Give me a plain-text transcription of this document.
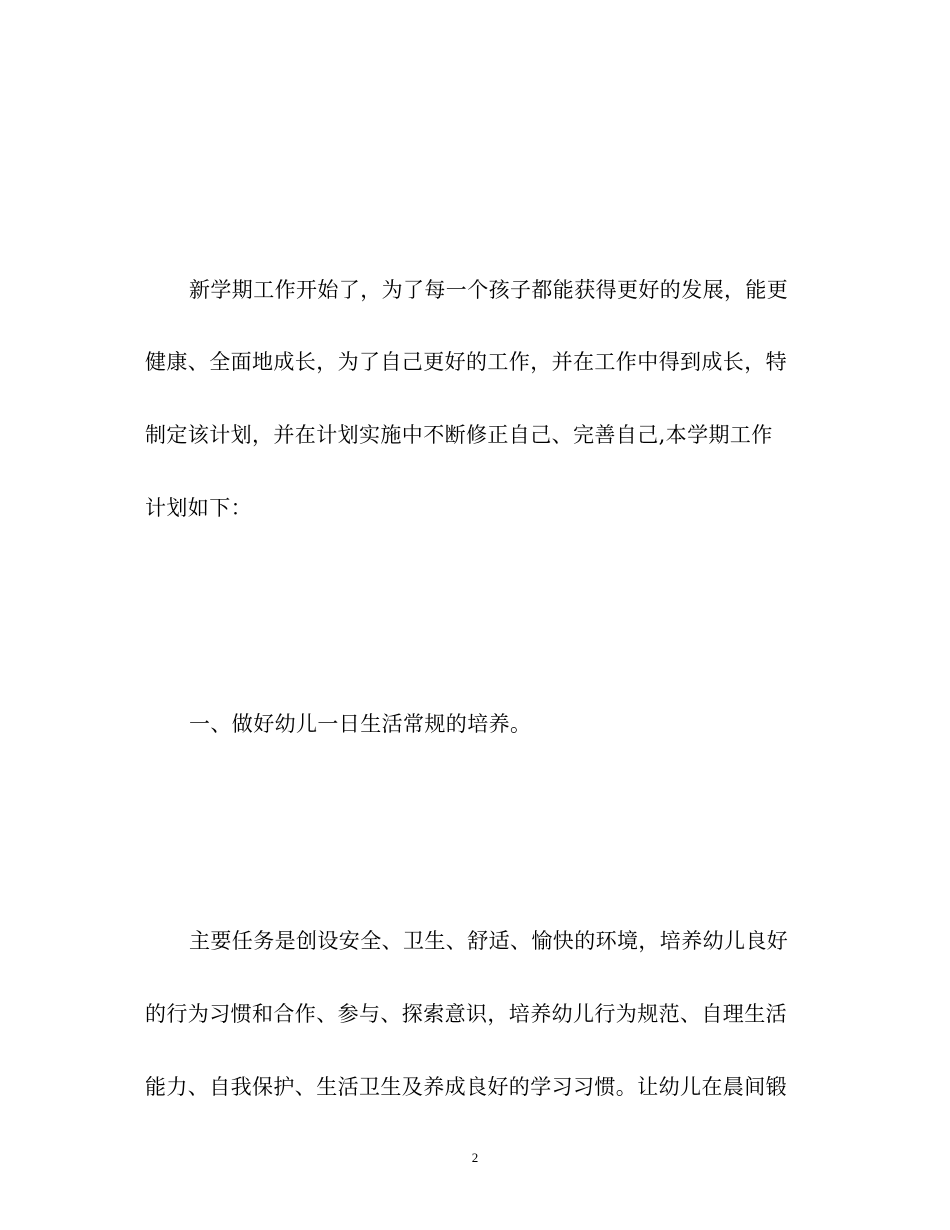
新学期工作开始了，为了每一个孩子都能获得更好的发展，能更
健康、全面地成长，为了自己更好的工作，并在工作中得到成长，特
制定该计划，并在计划实施中不断修正自己、完善自己,本学期工作
计划如下：
一、做好幼儿一日生活常规的培养。
主要任务是创设安全、卫生、舒适、愉快的环境，培养幼儿良好
的行为习惯和合作、参与、探索意识，培养幼儿行为规范、自理生活
能力、自我保护、生活卫生及养成良好的学习习惯。让幼儿在晨间锻
2
